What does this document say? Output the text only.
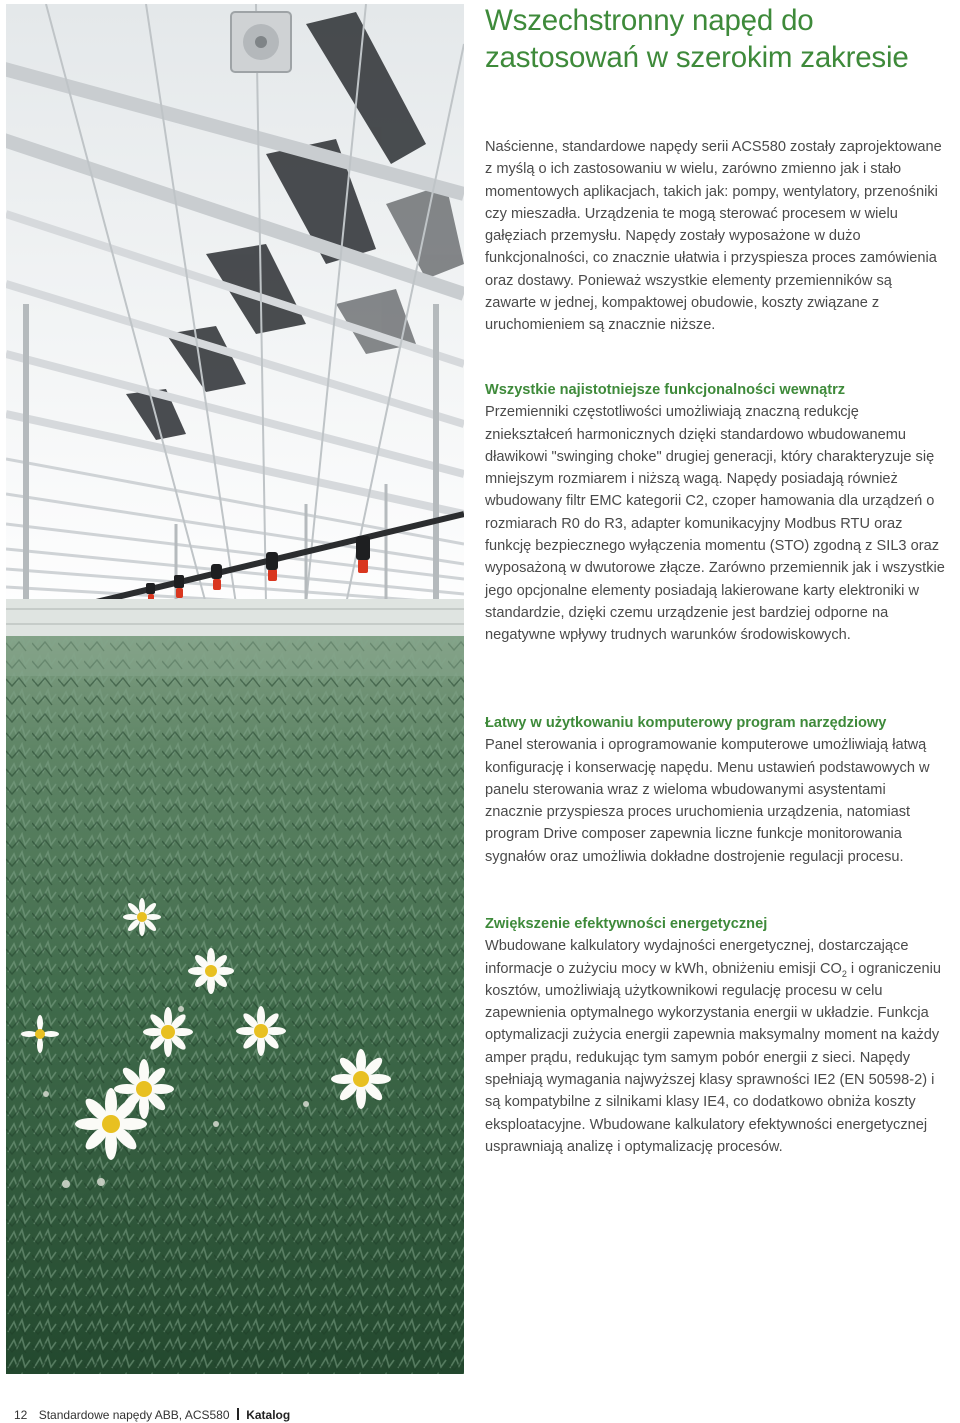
Wszechstronny napęd do zastosowań w szerokim zakresie

Naścienne, standardowe napędy serii ACS580 zostały zaprojektowane z myślą o ich zastosowaniu w wielu, zarówno zmienno jak i stało momentowych aplikacjach, takich jak: pompy, wentylatory, przenośniki czy mieszadła. Urządzenia te mogą sterować procesem w wielu gałęziach przemysłu. Napędy zostały wyposażone w dużo funkcjonalności, co znacznie ułatwia i przyspiesza proces zamówienia oraz dostawy. Ponieważ wszystkie elementy przemienników są zawarte w jednej, kompaktowej obudowie, koszty związane z uruchomieniem są znacznie niższe.

Wszystkie najistotniejsze funkcjonalności wewnątrz

Przemienniki częstotliwości umożliwiają znaczną redukcję zniekształceń harmonicznych dzięki standardowo wbudowanemu dławikowi "swinging choke" drugiej generacji, który charakteryzuje się mniejszym rozmiarem i niższą wagą. Napędy posiadają również wbudowany filtr EMC kategorii C2, czoper hamowania dla urządzeń o rozmiarach R0 do R3, adapter komunikacyjny Modbus RTU oraz funkcję bezpiecznego wyłączenia momentu (STO) zgodną z SIL3 oraz wyposażoną w dwutorowe złącze. Zarówno przemiennik jak i wszystkie jego opcjonalne elementy posiadają lakierowane karty elektroniki w standardzie, dzięki czemu urządzenie jest bardziej odporne na negatywne wpływy trudnych warunków środowiskowych.

Łatwy w użytkowaniu komputerowy program narzędziowy

Panel sterowania i oprogramowanie komputerowe umożliwiają łatwą konfigurację i konserwację napędu. Menu ustawień podstawowych w panelu sterowania wraz z wieloma wbudowanymi asystentami znacznie przyspiesza proces uruchomienia urządzenia, natomiast program Drive composer zapewnia liczne funkcje monitorowania sygnałów oraz umożliwia dokładne dostrojenie regulacji procesu.

Zwiększenie efektywności energetycznej

Wbudowane kalkulatory wydajności energetycznej, dostarczające informacje o zużyciu mocy w kWh, obniżeniu emisji $CO_2$ i ograniczeniu kosztów, umożliwiają użytkownikowi regulację procesu w celu zapewnienia optymalnego wykorzystania energii w układzie. Funkcja optymalizacji zużycia energii zapewnia maksymalny moment na każdy amper prądu, redukując tym samym pobór energii z sieci. Napędy spełniają wymagania najwyższej klasy sprawności IE2 (EN 50598-2) i są kompatybilne z silnikami klasy IE4, co dodatkowo obniża koszty eksploatacyjne. Wbudowane kalkulatory efektywności energetycznej usprawniają analizę i optymalizację procesów.

12 Standardowe napędy ABB, ACS580 Katalog
